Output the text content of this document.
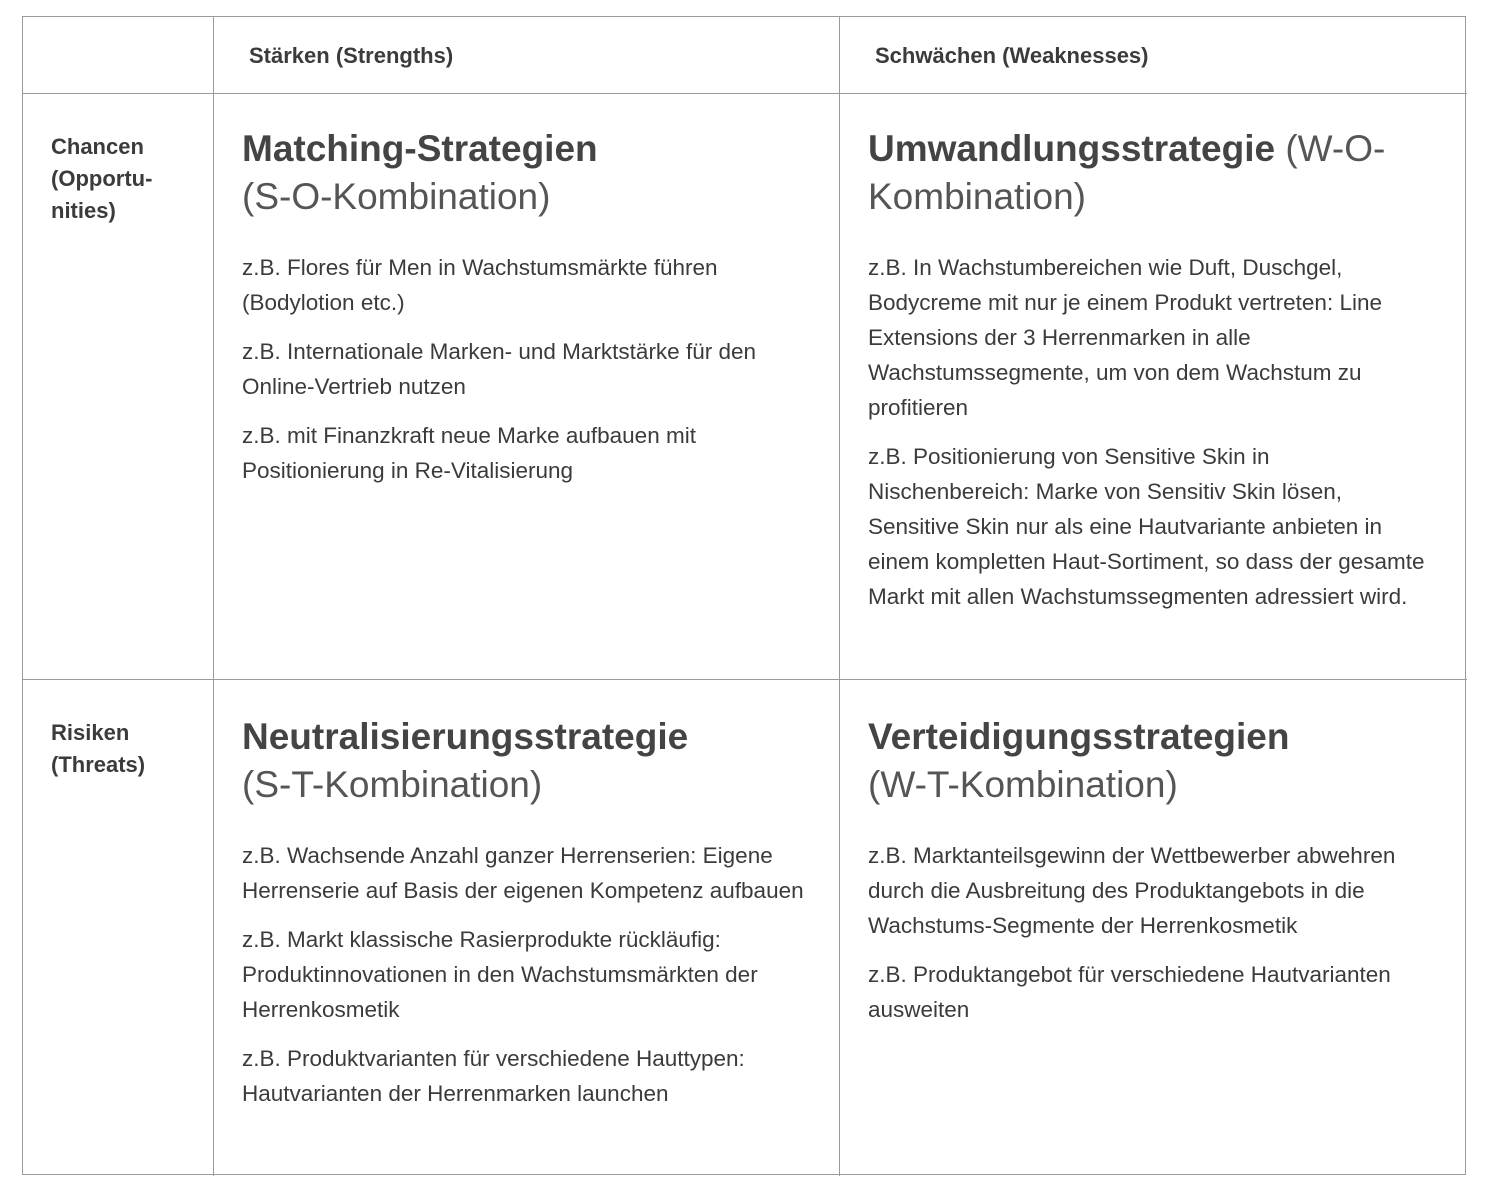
Stärken (Strengths)	Schwächen (Weaknesses)
Chancen
(Opportu-
nities)
Matching-Strategien
(S-O-Kombination)

z.B. Flores für Men in Wachstumsmärkte führen (Bodylotion etc.)

z.B. Internationale Marken- und Marktstärke für den Online-Vertrieb nutzen

z.B. mit Finanzkraft neue Marke aufbauen mit Positionierung in Re-Vitalisierung

Umwandlungsstrategie (W-O-
Kombination)

z.B. In Wachstumbereichen wie Duft, Duschgel, Bodycreme mit nur je einem Produkt vertreten: Line Extensions der 3 Herrenmarken in alle Wachstumssegmente, um von dem Wachstum zu profitieren

z.B. Positionierung von Sensitive Skin in Nischenbereich: Marke von Sensitiv Skin lösen, Sensitive Skin nur als eine Hautvariante anbieten in einem kompletten Haut-Sortiment, so dass der gesamte Markt mit allen Wachstumssegmenten adressiert wird.

Risiken
(Threats)
Neutralisierungsstrategie
(S-T-Kombination)

z.B. Wachsende Anzahl ganzer Herrenserien: Eigene Herrenserie auf Basis der eigenen Kompetenz aufbauen

z.B. Markt klassische Rasierprodukte rückläufig: Produktinnovationen in den Wachstumsmärkten der Herrenkosmetik

z.B. Produktvarianten für verschiedene Hauttypen: Hautvarianten der Herrenmarken launchen

Verteidigungsstrategien
(W-T-Kombination)

z.B. Marktanteilsgewinn der Wettbewerber abwehren durch die Ausbreitung des Produktangebots in die Wachstums-Segmente der Herrenkosmetik

z.B. Produktangebot für verschiedene Hautvarianten ausweiten
